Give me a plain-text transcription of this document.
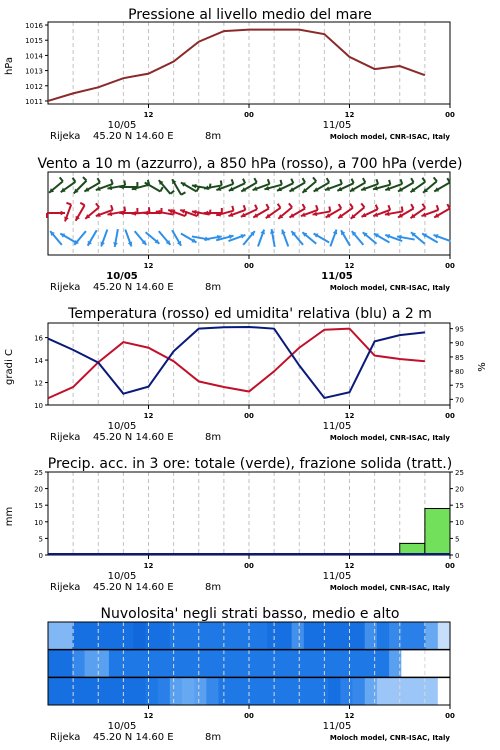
Pressione al livello medio del mare
1011
1012
1013
1014
1015
1016
hPa
12	00	12	00
10/05	11/05
Rijeka 45.20 N 14.60 E	8m	Moloch model, CNR-ISAC, Italy
Vento a 10 m (azzurro), a 850 hPa (rosso), a 700 hPa (verde)
12	00	12	00
10/05	11/05
Rijeka 45.20 N 14.60 E	8m	Moloch model, CNR-ISAC, Italy
Temperatura (rosso) ed umidita' relativa (blu) a 2 m
10
12
14
16
70
75
80
85
90
95
gradi C	%
12	00	12	00
10/05	11/05
Rijeka 45.20 N 14.60 E	8m	Moloch model, CNR-ISAC, Italy
Precip. acc. in 3 ore: totale (verde), frazione solida (tratt.)
0
5
10
15
20
25
0
5
10
15
20
25
mm
12	00	12	00
10/05	11/05
Rijeka 45.20 N 14.60 E	8m	Moloch model, CNR-ISAC, Italy
Nuvolosita' negli strati basso, medio e alto
12	00	12	00
10/05	11/05
Rijeka 45.20 N 14.60 E	8m	Moloch model, CNR-ISAC, Italy
